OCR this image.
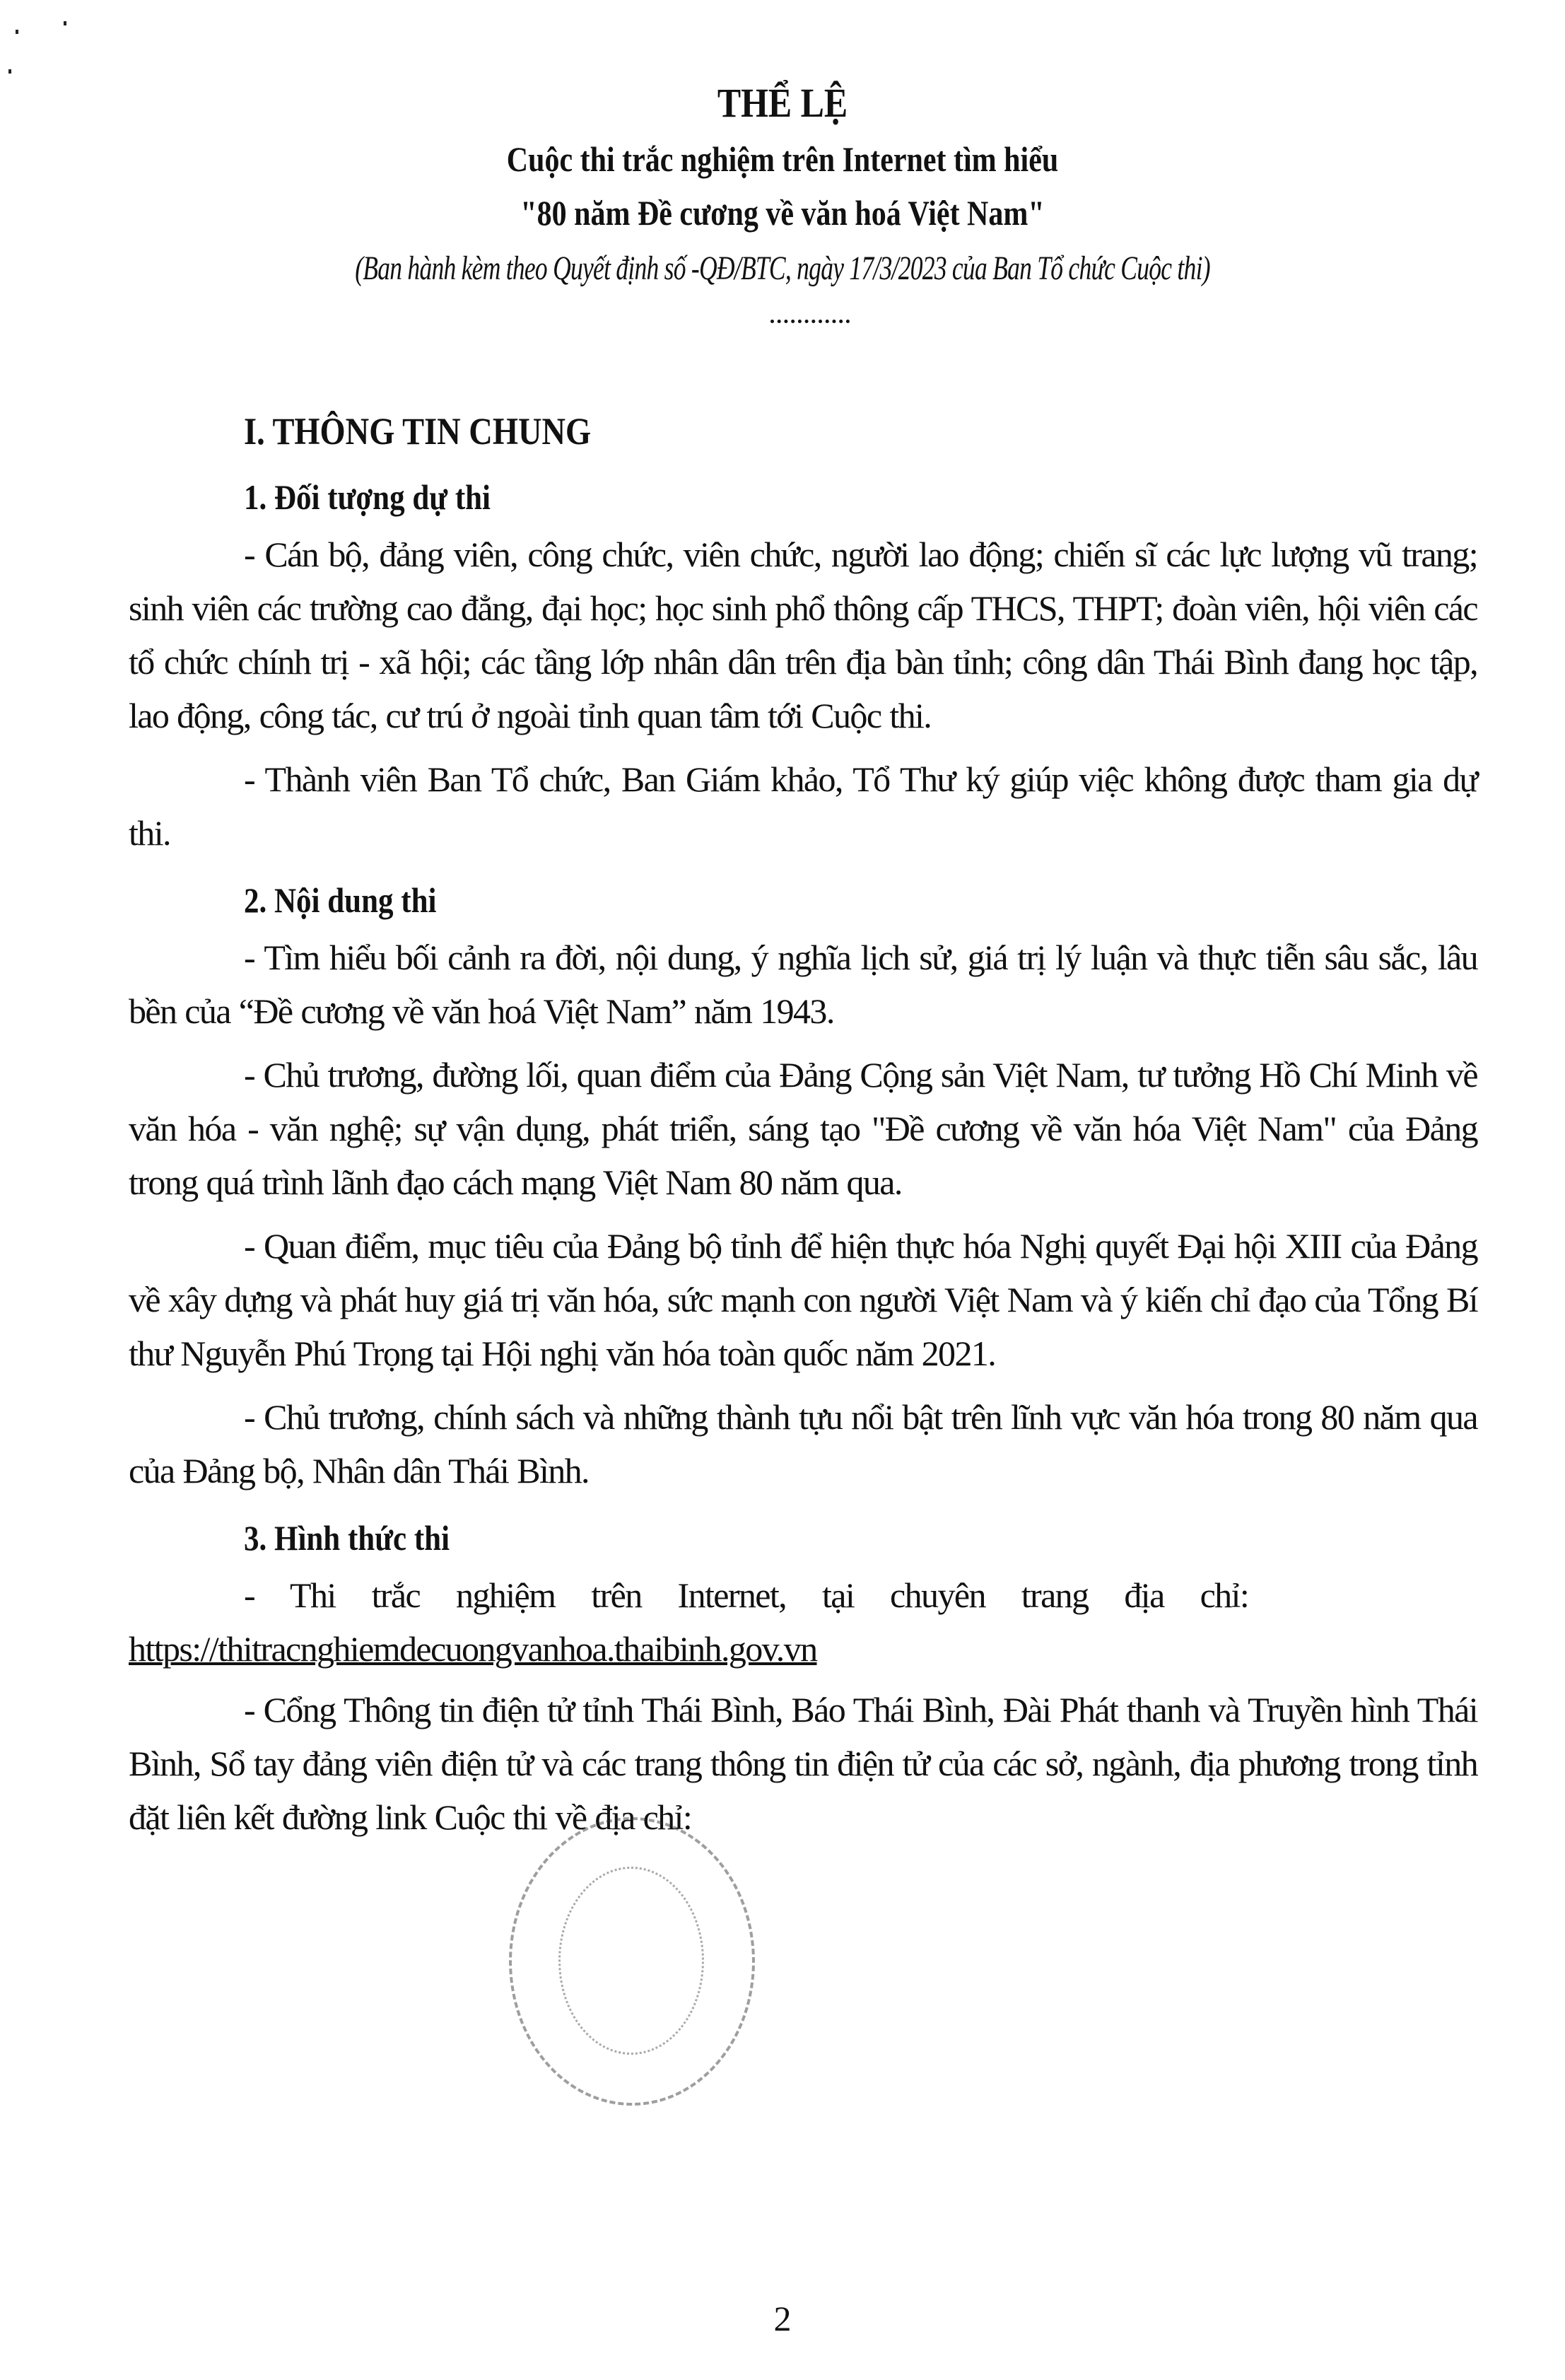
THỂ LỆ
Cuộc thi trắc nghiệm trên Internet tìm hiểu
"80 năm Đề cương về văn hoá Việt Nam"
(Ban hành kèm theo Quyết định số -QĐ/BTC, ngày 17/3/2023 của Ban Tổ chức Cuộc thi)
I. THÔNG TIN CHUNG
1. Đối tượng dự thi

- Cán bộ, đảng viên, công chức, viên chức, người lao động; chiến sĩ các lực lượng vũ trang; sinh viên các trường cao đẳng, đại học; học sinh phổ thông cấp THCS, THPT; đoàn viên, hội viên các tổ chức chính trị - xã hội; các tầng lớp nhân dân trên địa bàn tỉnh; công dân Thái Bình đang học tập, lao động, công tác, cư trú ở ngoài tỉnh quan tâm tới Cuộc thi.

- Thành viên Ban Tổ chức, Ban Giám khảo, Tổ Thư ký giúp việc không được tham gia dự thi.

2. Nội dung thi

- Tìm hiểu bối cảnh ra đời, nội dung, ý nghĩa lịch sử, giá trị lý luận và thực tiễn sâu sắc, lâu bền của “Đề cương về văn hoá Việt Nam” năm 1943.

- Chủ trương, đường lối, quan điểm của Đảng Cộng sản Việt Nam, tư tưởng Hồ Chí Minh về văn hóa - văn nghệ; sự vận dụng, phát triển, sáng tạo "Đề cương về văn hóa Việt Nam" của Đảng trong quá trình lãnh đạo cách mạng Việt Nam 80 năm qua.

- Quan điểm, mục tiêu của Đảng bộ tỉnh để hiện thực hóa Nghị quyết Đại hội XIII của Đảng về xây dựng và phát huy giá trị văn hóa, sức mạnh con người Việt Nam và ý kiến chỉ đạo của Tổng Bí thư Nguyễn Phú Trọng tại Hội nghị văn hóa toàn quốc năm 2021.

- Chủ trương, chính sách và những thành tựu nổi bật trên lĩnh vực văn hóa trong 80 năm qua của Đảng bộ, Nhân dân Thái Bình.

3. Hình thức thi

- Thi trắc nghiệm trên Internet, tại chuyên trang địa chỉ:

https://thitracnghiemdecuongvanhoa.thaibinh.gov.vn

- Cổng Thông tin điện tử tỉnh Thái Bình, Báo Thái Bình, Đài Phát thanh và Truyền hình Thái Bình, Sổ tay đảng viên điện tử và các trang thông tin điện tử của các sở, ngành, địa phương trong tỉnh đặt liên kết đường link Cuộc thi về địa chỉ:

2
